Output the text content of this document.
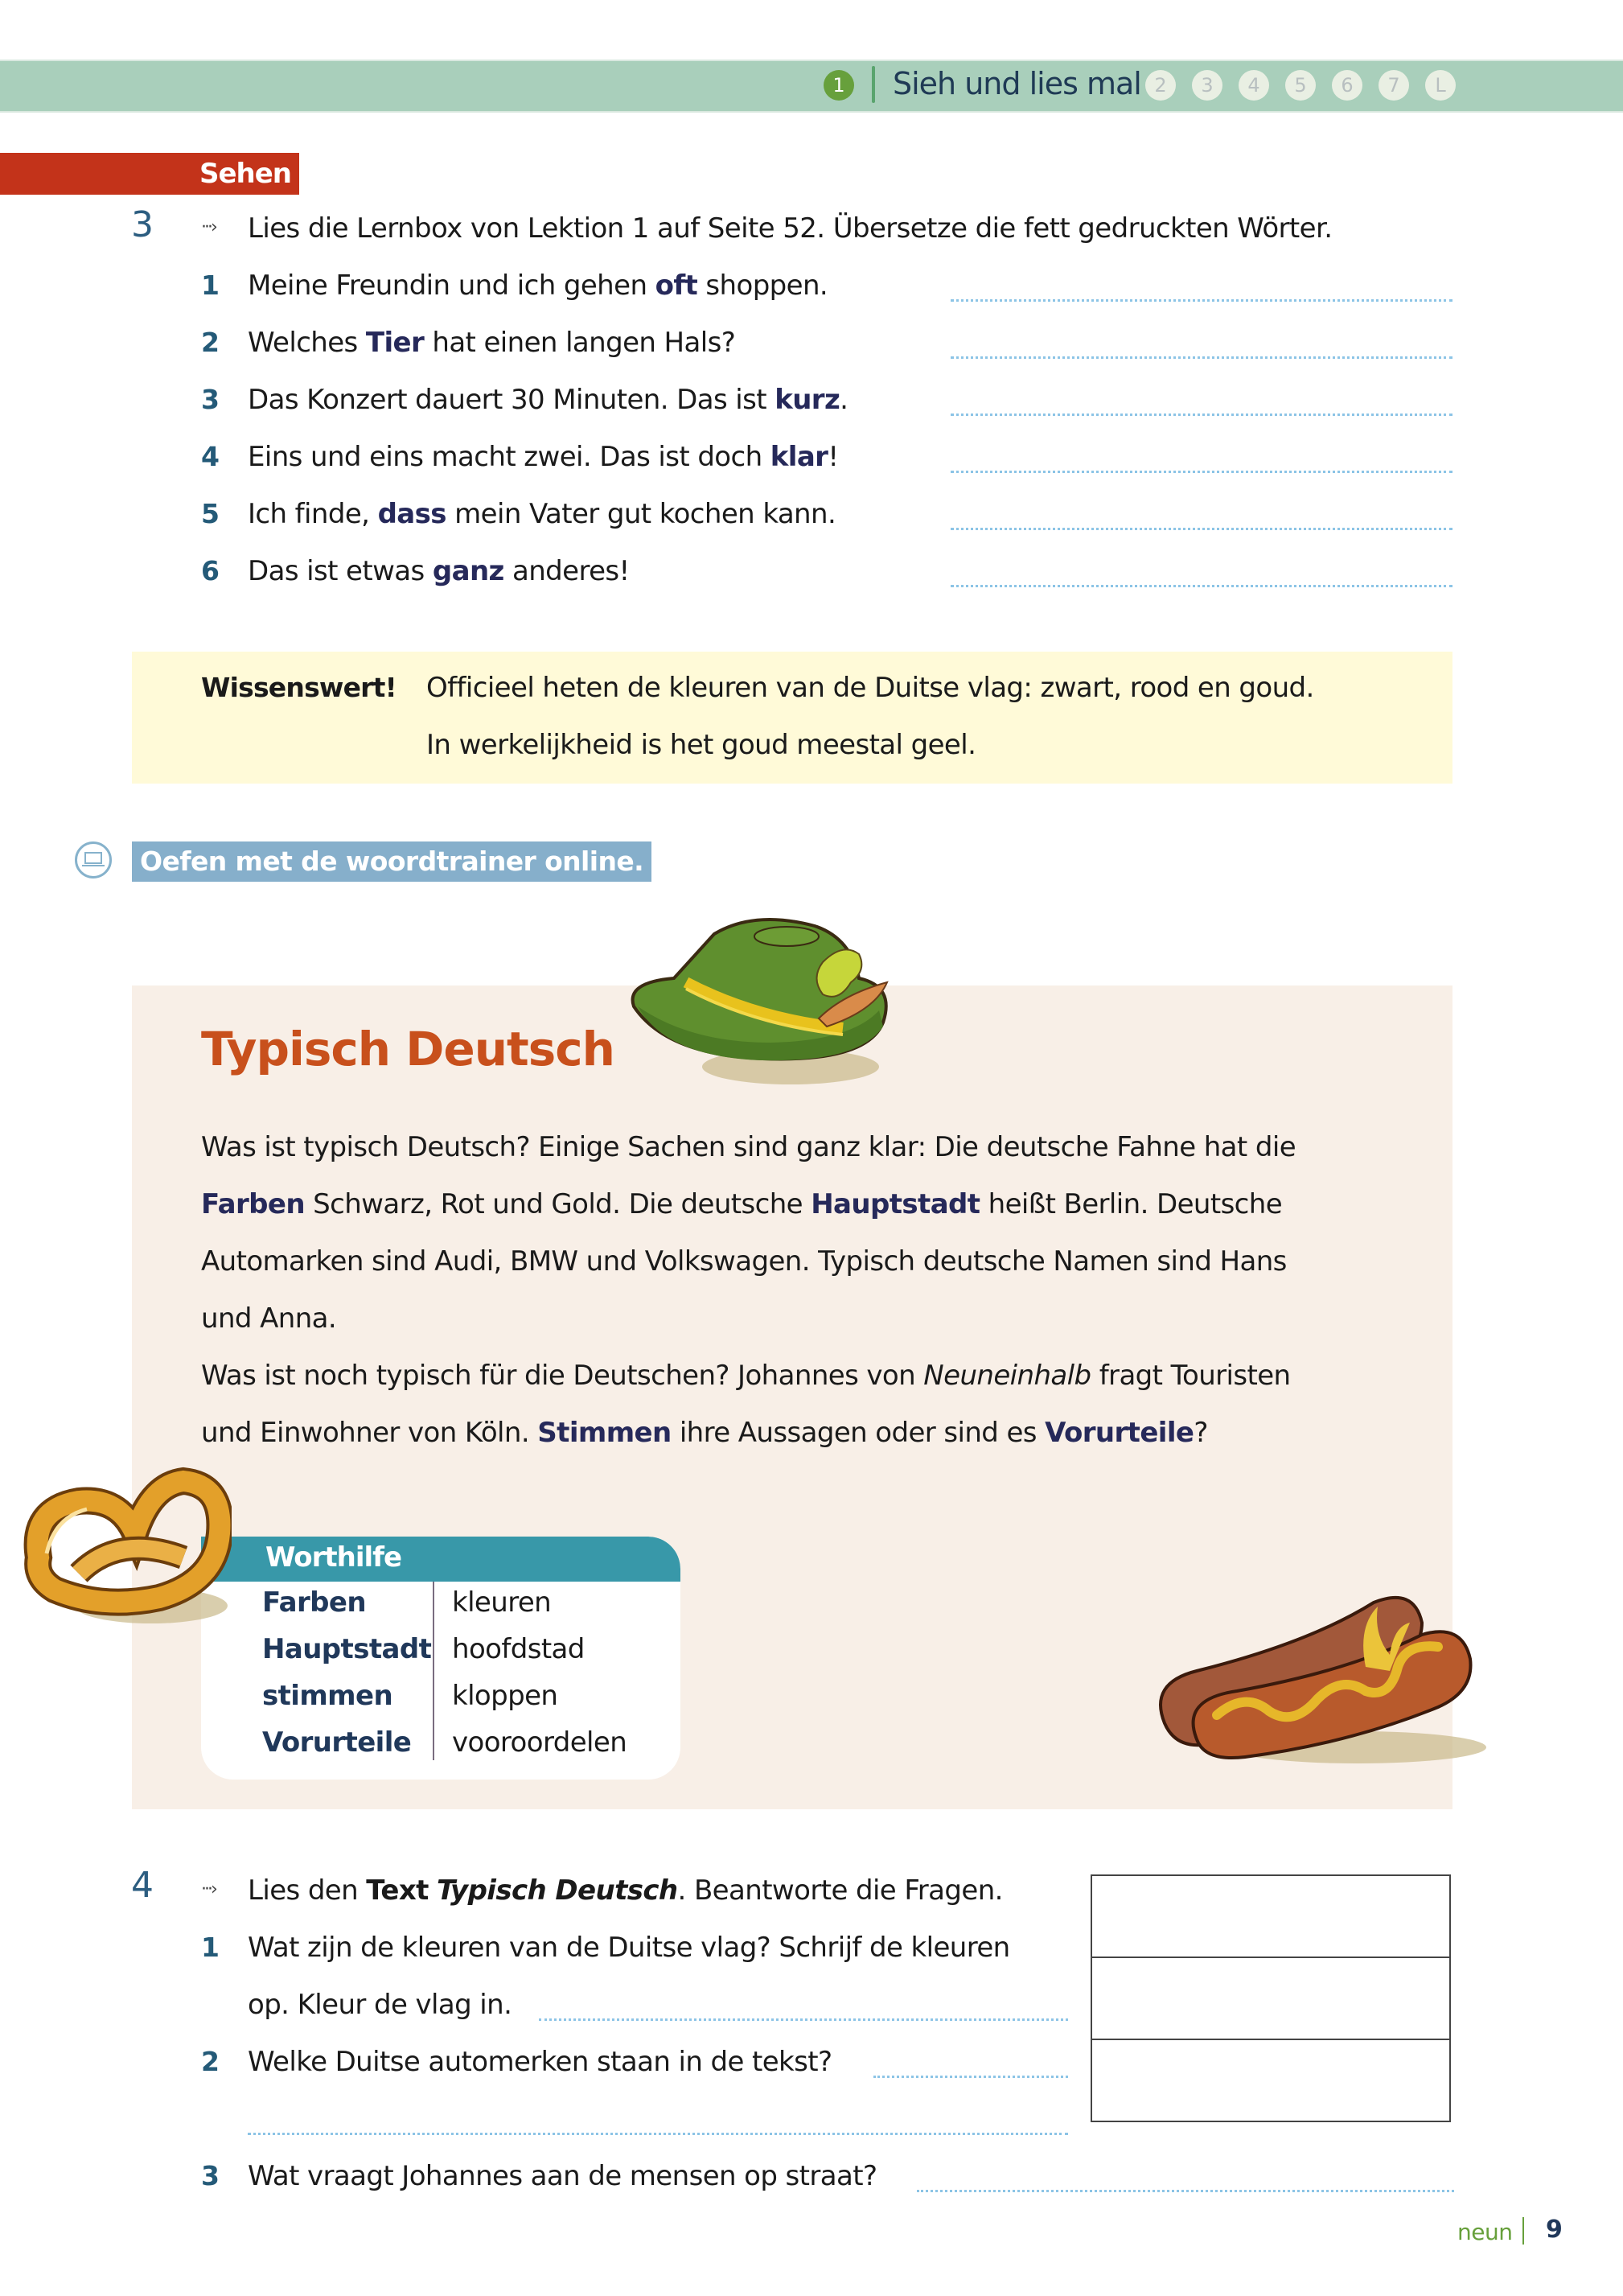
1 Sieh und lies mal 2	3	4	5	6	7	L
Sehen
3	···› Lies die Lernbox von Lektion 1 auf Seite 52. Übersetze die fett gedruckten Wörter.
1 Meine Freundin und ich gehen oft shoppen.
2 Welches Tier hat einen langen Hals?
3 Das Konzert dauert 30 Minuten. Das ist kurz.
4 Eins und eins macht zwei. Das ist doch klar!
5 Ich finde, dass mein Vater gut kochen kann.
6 Das ist etwas ganz anderes!
Wissenswert! Officieel heten de kleuren van de Duitse vlag: zwart, rood en goud.
In werkelijkheid is het goud meestal geel.
Oefen met de woordtrainer online.
Typisch Deutsch
Was ist typisch Deutsch? Einige Sachen sind ganz klar: Die deutsche Fahne hat die
Farben Schwarz, Rot und Gold. Die deutsche Hauptstadt heißt Berlin. Deutsche
Automarken sind Audi, BMW und Volkswagen. Typisch deutsche Namen sind Hans
und Anna.
Was ist noch typisch für die Deutschen? Johannes von Neuneinhalb fragt Touristen
und Einwohner von Köln. Stimmen ihre Aussagen oder sind es Vorurteile?
Worthilfe
Farben	kleuren
Hauptstadt hoofdstad
stimmen kloppen
Vorurteile vooroordelen
4	···› Lies den Text Typisch Deutsch. Beantworte die Fragen.
1 Wat zijn de kleuren van de Duitse vlag? Schrijf de kleuren
op. Kleur de vlag in.
2 Welke Duitse automerken staan in de tekst?
3 Wat vraagt Johannes aan de mensen op straat?
neun 9
